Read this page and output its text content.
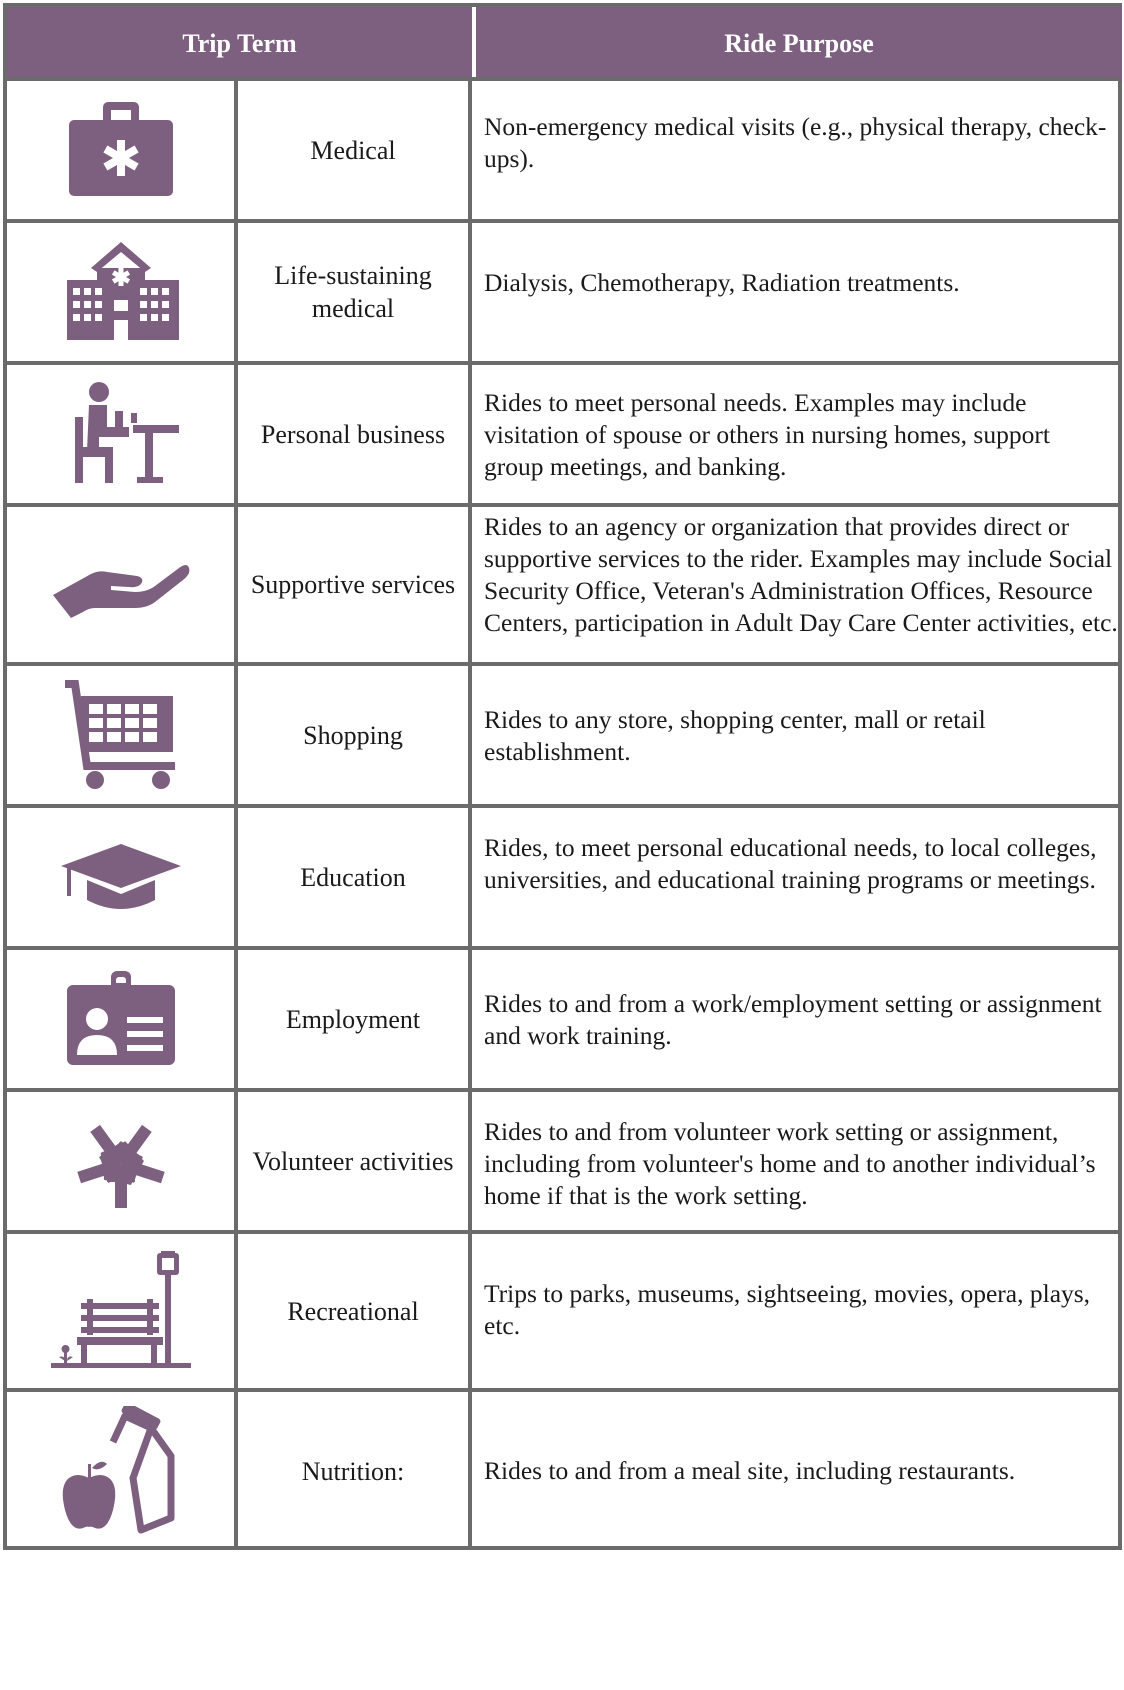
Trip Term	Ride Purpose
Medical
Non-emergency medical visits (e.g., physical therapy, check-ups).
Life-sustaining medical
Dialysis, Chemotherapy, Radiation treatments.
Personal business
Rides to meet personal needs. Examples may include visitation of spouse or others in nursing homes, support group meetings, and banking.
Supportive services
Rides to an agency or organization that provides direct or supportive services to the rider. Examples may include Social Security Office, Veteran's Administration Offices, Resource Centers, participation in Adult Day Care Center activities, etc.
Shopping
Rides to any store, shopping center, mall or retail establishment.
Education
Rides, to meet personal educational needs, to local colleges, universities, and educational training programs or meetings.
Employment
Rides to and from a work/employment setting or assignment and work training.
Volunteer activities
Rides to and from volunteer work setting or assignment, including from volunteer's home and to another individual’s home if that is the work setting.
Recreational
Trips to parks, museums, sightseeing, movies, opera, plays, etc.
Nutrition:	Rides to and from a meal site, including restaurants.
